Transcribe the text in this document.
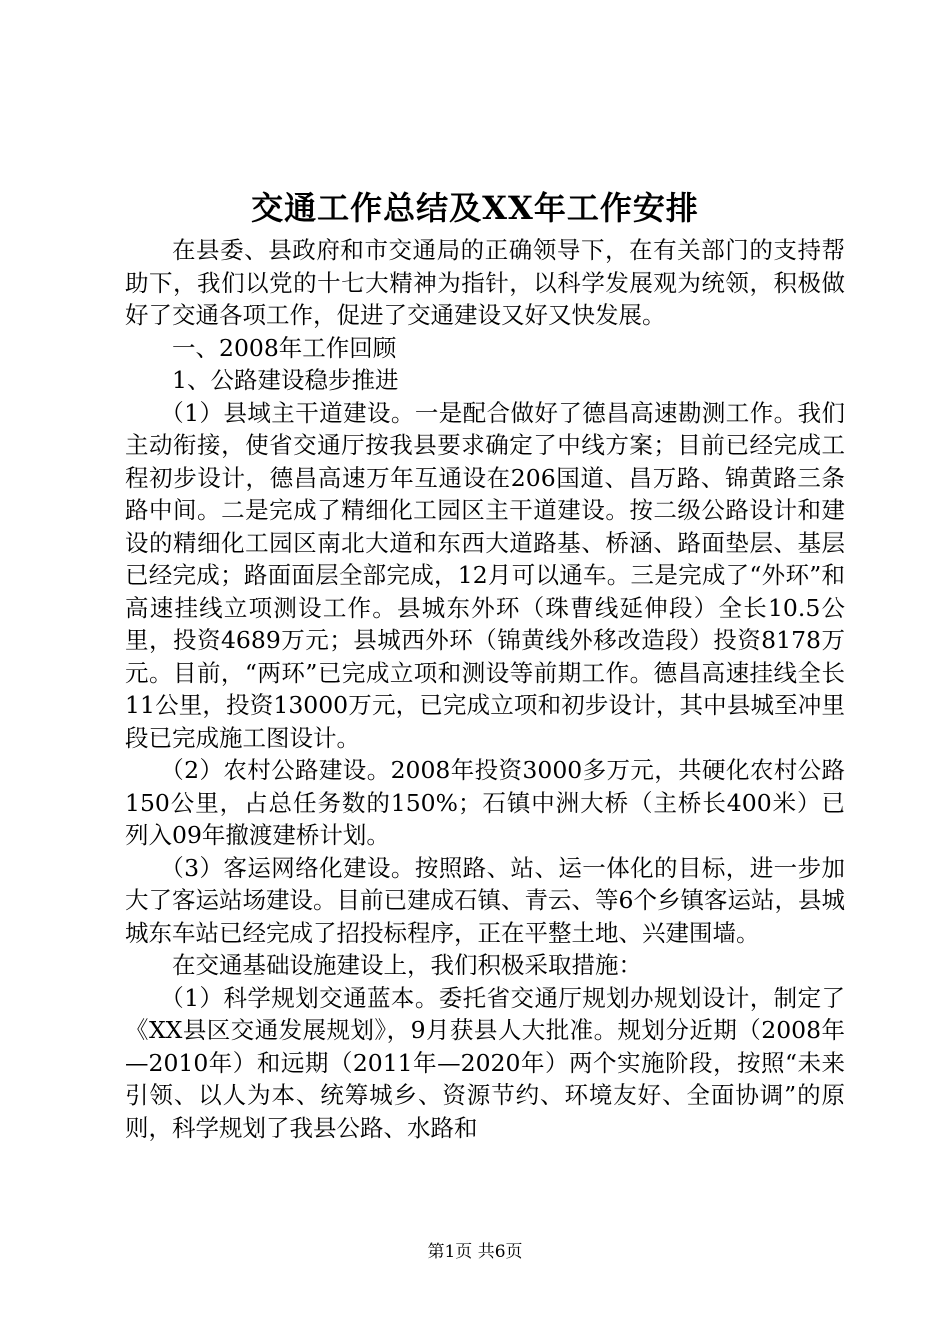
交通工作总结及XX年工作安排

在县委、县政府和市交通局的正确领导下，在有关部门的支持帮助下，我们以党的十七大精神为指针，以科学发展观为统领，积极做好了交通各项工作，促进了交通建设又好又快发展。

一、2008年工作回顾

1、公路建设稳步推进

（1）县域主干道建设。一是配合做好了德昌高速勘测工作。我们主动衔接，使省交通厅按我县要求确定了中线方案；目前已经完成工程初步设计，德昌高速万年互通设在206国道、昌万路、锦黄路三条路中间。二是完成了精细化工园区主干道建设。按二级公路设计和建设的精细化工园区南北大道和东西大道路基、桥涵、路面垫层、基层已经完成；路面面层全部完成，12月可以通车。三是完成了“外环”和高速挂线立项测设工作。县城东外环（珠曹线延伸段）全长10.5公里，投资4689万元；县城西外环（锦黄线外移改造段）投资8178万元。目前，“两环”已完成立项和测设等前期工作。德昌高速挂线全长11公里，投资13000万元，已完成立项和初步设计，其中县城至冲里段已完成施工图设计。

（2）农村公路建设。2008年投资3000多万元，共硬化农村公路150公里，占总任务数的150%；石镇中洲大桥（主桥长400米）已列入09年撤渡建桥计划。

（3）客运网络化建设。按照路、站、运一体化的目标，进一步加大了客运站场建设。目前已建成石镇、青云、等6个乡镇客运站，县城城东车站已经完成了招投标程序，正在平整土地、兴建围墙。

在交通基础设施建设上，我们积极采取措施：

（1）科学规划交通蓝本。委托省交通厅规划办规划设计，制定了《XX县区交通发展规划》，9月获县人大批准。规划分近期（2008年—2010年）和远期（2011年—2020年）两个实施阶段，按照“未来引领、以人为本、统筹城乡、资源节约、环境友好、全面协调”的原则，科学规划了我县公路、水路和

第1页 共6页
